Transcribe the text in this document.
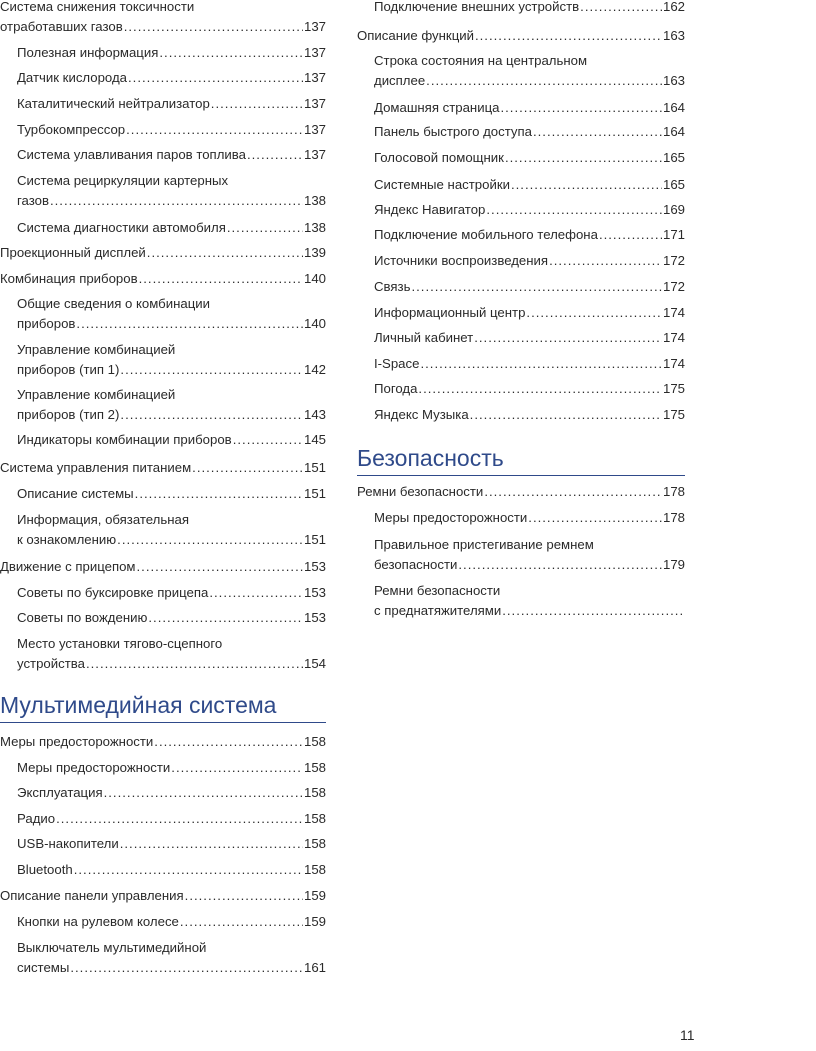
Система снижения токсичности
отработавших газов .....	137
Полезная информация .....	137
Датчик кислорода .....	137
Каталитический нейтрализатор .....	137
Турбокомпрессор .....	137
Система улавливания паров топлива .....	137
Система рециркуляции картерных
газов .....	138
Система диагностики автомобиля .....	138
Проекционный дисплей .....	139
Комбинация приборов .....	140
Общие сведения о комбинации
приборов .....	140
Управление комбинацией
приборов (тип 1) .....	142
Управление комбинацией
приборов (тип 2) .....	143
Индикаторы комбинации приборов .....	145
Система управления питанием .....	151
Описание системы .....	151
Информация, обязательная
к ознакомлению .....	151
Движение с прицепом .....	153
Советы по буксировке прицепа .....	153
Советы по вождению .....	153
Место установки тягово-сцепного
устройства .....	154
Мультимедийная система
Меры предосторожности .....	158
Меры предосторожности .....	158
Эксплуатация .....	158
Радио .....	158
USB-накопители .....	158
Bluetooth .....	158
Описание панели управления .....	159
Кнопки на рулевом колесе .....	159
Выключатель мультимедийной
системы .....	161
Подключение внешних устройств .....	162
Описание функций .....	163
Строка состояния на центральном
дисплее .....	163
Домашняя страница .....	164
Панель быстрого доступа .....	164
Голосовой помощник .....	165
Системные настройки .....	165
Яндекс Навигатор .....	169
Подключение мобильного телефона .....	171
Источники воспроизведения .....	172
Связь .....	172
Информационный центр .....	174
Личный кабинет .....	174
I-Space .....	174
Погода .....	175
Яндекс Музыка .....	175
Безопасность
Ремни безопасности .....	178
Меры предосторожности .....	178
Правильное пристегивание ремнем
безопасности .....	179
Ремни безопасности
с преднатяжителями
.....
11
